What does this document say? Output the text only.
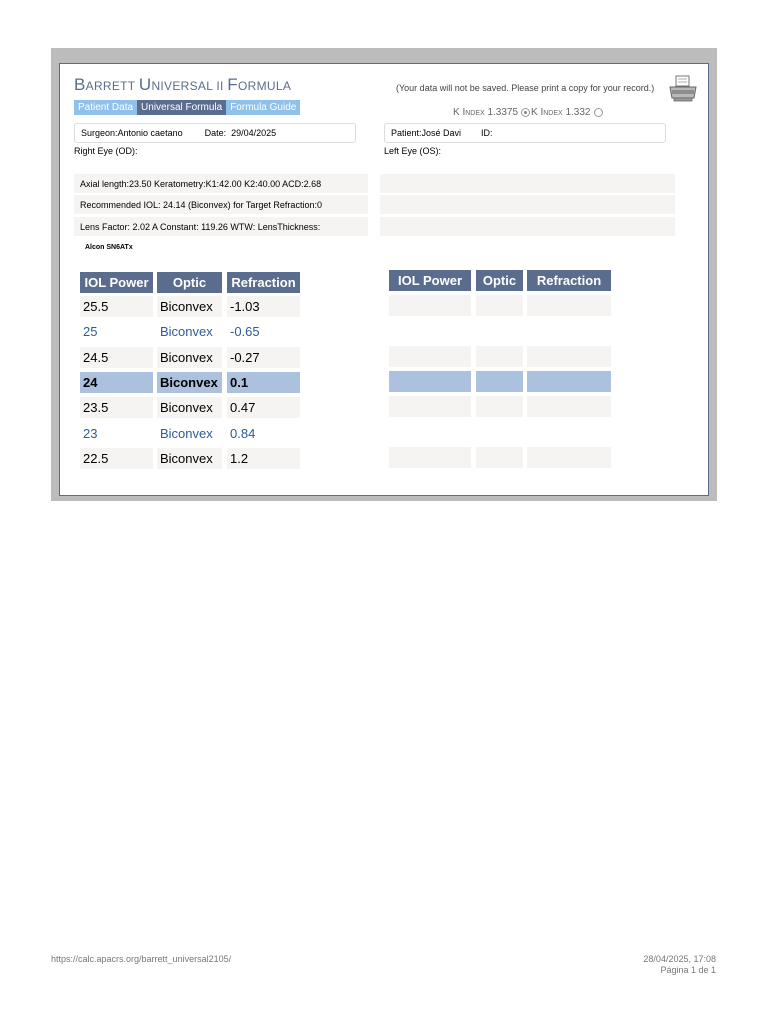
BARRETT UNIVERSAL II FORMULA
Patient Data Universal Formula Formula Guide
(Your data will not be saved. Please print a copy for your record.)
K Index
1.3375 K Index
1.332
Surgeon: Antonio caetano Date:
29/04/2025	Patient: José Davi ID:

Right Eye (OD):	Left Eye (OS):
Axial length:23.50 Keratometry:K1:42.00 K2:40.00 ACD:2.68
Recommended IOL: 24.14 (Biconvex) for Target Refraction:0
Lens Factor: 2.02 A Constant: 119.26 WTW: LensThickness:
Alcon SN6ATx
IOL Power	Optic	Refraction
25.5	Biconvex	-1.03
25	Biconvex	-0.65
24.5	Biconvex	-0.27
24	Biconvex 0.1
23.5	Biconvex	0.47
23	Biconvex	0.84
22.5	Biconvex	1.2
IOL Power	Optic	Refraction
https://calc.apacrs.org/barrett_universal2105/	28/04/2025, 17:08
Página 1 de 1
